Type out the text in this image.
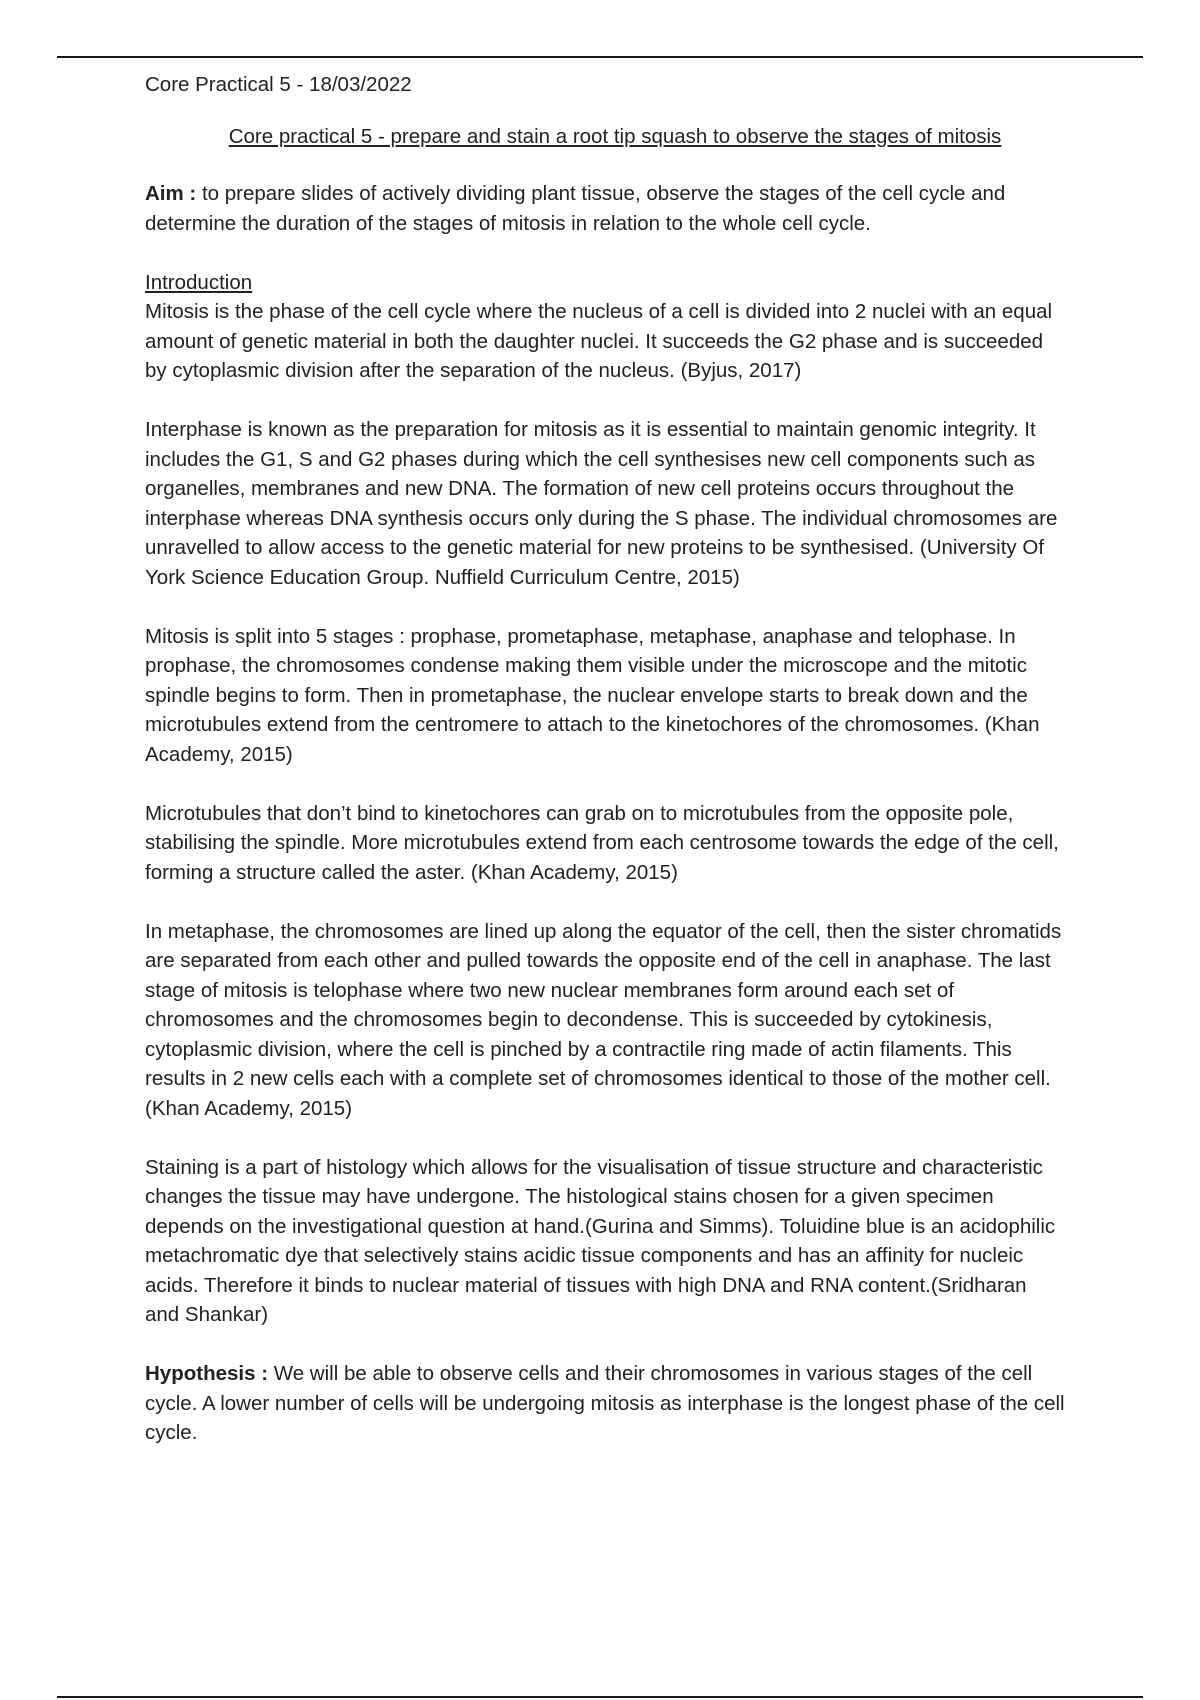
Core Practical 5 - 18/03/2022

Core practical 5 - prepare and stain a root tip squash to observe the stages of mitosis

Aim : to prepare slides of actively dividing plant tissue, observe the stages of the cell cycle and determine the duration of the stages of mitosis in relation to the whole cell cycle.

Introduction

Mitosis is the phase of the cell cycle where the nucleus of a cell is divided into 2 nuclei with an equal amount of genetic material in both the daughter nuclei. It succeeds the G2 phase and is succeeded by cytoplasmic division after the separation of the nucleus. (Byjus, 2017)

Interphase is known as the preparation for mitosis as it is essential to maintain genomic integrity. It includes the G1, S and G2 phases during which the cell synthesises new cell components such as organelles, membranes and new DNA. The formation of new cell proteins occurs throughout the interphase whereas DNA synthesis occurs only during the S phase. The individual chromosomes are unravelled to allow access to the genetic material for new proteins to be synthesised. (University Of York Science Education Group. Nuffield Curriculum Centre, 2015)

Mitosis is split into 5 stages : prophase, prometaphase, metaphase, anaphase and telophase. In prophase, the chromosomes condense making them visible under the microscope and the mitotic spindle begins to form. Then in prometaphase, the nuclear envelope starts to break down and the microtubules extend from the centromere to attach to the kinetochores of the chromosomes. (Khan Academy, 2015)

Microtubules that don’t bind to kinetochores can grab on to microtubules from the opposite pole, stabilising the spindle. More microtubules extend from each centrosome towards the edge of the cell, forming a structure called the aster. (Khan Academy, 2015)

In metaphase, the chromosomes are lined up along the equator of the cell, then the sister chromatids are separated from each other and pulled towards the opposite end of the cell in anaphase. The last stage of mitosis is telophase where two new nuclear membranes form around each set of chromosomes and the chromosomes begin to decondense. This is succeeded by cytokinesis, cytoplasmic division, where the cell is pinched by a contractile ring made of actin filaments. This results in 2 new cells each with a complete set of chromosomes identical to those of the mother cell. (Khan Academy, 2015)

Staining is a part of histology which allows for the visualisation of tissue structure and characteristic changes the tissue may have undergone. The histological stains chosen for a given specimen depends on the investigational question at hand.(Gurina and Simms). Toluidine blue is an acidophilic metachromatic dye that selectively stains acidic tissue components and has an affinity for nucleic acids. Therefore it binds to nuclear material of tissues with high DNA and RNA content.(Sridharan and Shankar)

Hypothesis : We will be able to observe cells and their chromosomes in various stages of the cell cycle. A lower number of cells will be undergoing mitosis as interphase is the longest phase of the cell cycle.
